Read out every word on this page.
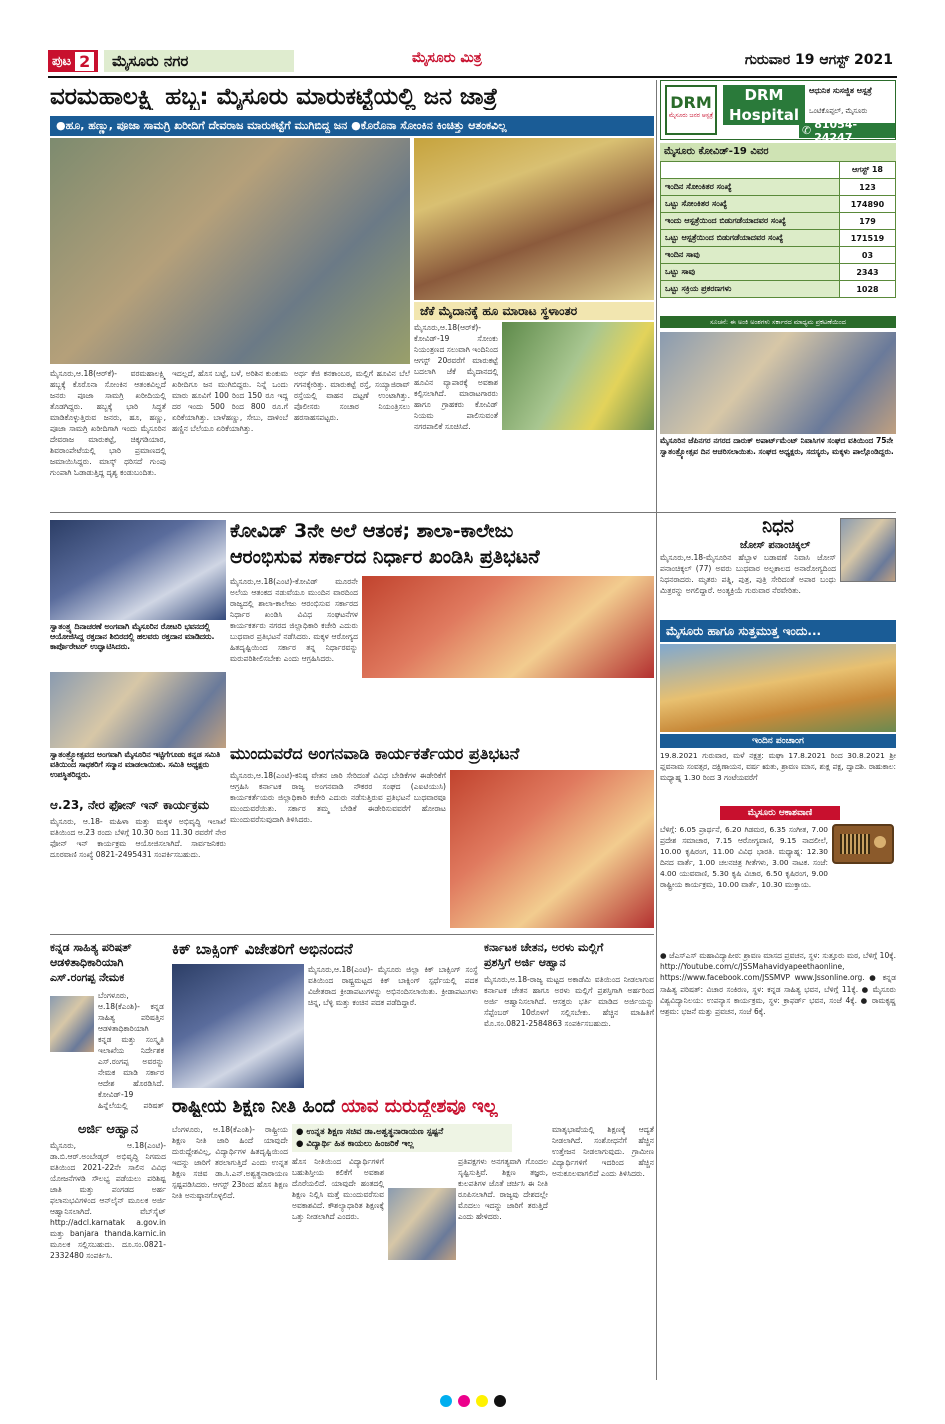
ಪುಟ 2	ಮೈಸೂರು ನಗರ	ಮೈಸೂರು ಮಿತ್ರ	ಗುರುವಾರ 19 ಆಗಸ್ಟ್ 2021
ವರಮಹಾಲಕ್ಷ್ಮಿ ಹಬ್ಬ: ಮೈಸೂರು ಮಾರುಕಟ್ಟೆಯಲ್ಲಿ ಜನ ಜಾತ್ರೆ
●ಹೂ, ಹಣ್ಣು, ಪೂಜಾ ಸಾಮಗ್ರಿ ಖರೀದಿಗೆ ದೇವರಾಜ ಮಾರುಕಟ್ಟೆಗೆ ಮುಗಿಬಿದ್ದ ಜನ ●ಕೊರೊನಾ ಸೋಂಕಿನ ಕಿಂಚಿತ್ತು ಆತಂಕವಿಲ್ಲ
ಜೆಕೆ ಮೈದಾನಕ್ಕೆ ಹೂ ಮಾರಾಟ ಸ್ಥಳಾಂತರ
ಮೈಸೂರು,ಆ.18(ಆರ್‌ಕೆ)- ಕೋವಿಡ್-19 ಸೋಂಕು ನಿಯಂತ್ರಣದ ಸಲುವಾಗಿ ಇಂದಿನಿಂದ ಆಗಸ್ಟ್ 20ರವರೆಗೆ ಮಾರುಕಟ್ಟೆ ಬದಲಾಗಿ ಜೆಕೆ ಮೈದಾನದಲ್ಲಿ ಹೂವಿನ ವ್ಯಾಪಾರಕ್ಕೆ ಅವಕಾಶ ಕಲ್ಪಿಸಲಾಗಿದೆ. ಮಾರಾಟಗಾರರು ಹಾಗೂ ಗ್ರಾಹಕರು ಕೋವಿಡ್ ನಿಯಮ ಪಾಲಿಸುವಂತೆ ನಗರಪಾಲಿಕೆ ಸೂಚಿಸಿದೆ.
ಮೈಸೂರು,ಆ.18(ಆರ್‌ಕೆ)- ವರಮಹಾಲಕ್ಷ್ಮಿ ಹಬ್ಬಕ್ಕೆ ಕೊರೊನಾ ಸೋಂಕಿನ ಆತಂಕವಿಲ್ಲದೆ ಜನರು ಪೂಜಾ ಸಾಮಗ್ರಿ ಖರೀದಿಯಲ್ಲಿ ತೊಡಗಿದ್ದರು. ಹಬ್ಬಕ್ಕೆ ಭಾರಿ ಸಿದ್ಧತೆ ಮಾಡಿಕೊಳ್ಳುತ್ತಿರುವ ಜನರು, ಹೂ, ಹಣ್ಣು, ಪೂಜಾ ಸಾಮಗ್ರಿ ಖರೀದಿಗಾಗಿ ಇಂದು ಮೈಸೂರಿನ ದೇವರಾಜ ಮಾರುಕಟ್ಟೆ, ಚಿಕ್ಕಗಡಿಯಾರ, ಶಿವರಾಂಪೇಟೆಯಲ್ಲಿ ಭಾರಿ ಪ್ರಮಾಣದಲ್ಲಿ ಜಮಾಯಿಸಿದ್ದರು. ಮಾಸ್ಕ್ ಧರಿಸದೆ ಗುಂಪು ಗುಂಪಾಗಿ ಓಡಾಡುತ್ತಿದ್ದ ದೃಶ್ಯ ಕಂಡುಬಂದಿತು.
ಇದಲ್ಲದೆ, ಹೊಸ ಬಟ್ಟೆ, ಬಳೆ, ಅರಿಶಿನ ಕುಂಕುಮ ಖರೀದಿಗೂ ಜನ ಮುಗಿಬಿದ್ದರು. ನಿನ್ನೆ ಒಂದು ಮಾರು ಹೂವಿಗೆ 100 ರಿಂದ 150 ರೂ ಇದ್ದ ದರ ಇಂದು 500 ರಿಂದ 800 ರೂ.ಗೆ ಏರಿಕೆಯಾಗಿತ್ತು. ಬಾಳೆಹಣ್ಣು, ಸೇಬು, ದಾಳಿಂಬೆ ಹಣ್ಣಿನ ಬೆಲೆಯೂ ಏರಿಕೆಯಾಗಿತ್ತು.
ಅರ್ಧ ಕೆಜಿ ಕನಕಾಂಬರ, ಮಲ್ಲಿಗೆ ಹೂವಿನ ಬೆಲೆ ಗಗನಕ್ಕೇರಿತ್ತು. ಮಾರುಕಟ್ಟೆ ರಸ್ತೆ, ಸಯ್ಯಾಜಿರಾವ್ ರಸ್ತೆಯಲ್ಲಿ ವಾಹನ ದಟ್ಟಣೆ ಉಂಟಾಗಿತ್ತು. ಪೊಲೀಸರು ಸಂಚಾರ ನಿಯಂತ್ರಿಸಲು ಹರಸಾಹಸಪಟ್ಟರು.
DRM
ಮೈಸೂರು ಜನರ ಆಸ್ಪತ್ರೆ
DRM Hospital
ಆಧುನಿಕ ಸುಸಜ್ಜಿತ ಆಸ್ಪತ್ರೆ
ಒಂಟಿಕೊಪ್ಪಲ್, ಮೈಸೂರು
✆ 81054-24247
ಮೈಸೂರು ಕೋವಿಡ್-19 ವಿವರ
	ಆಗಸ್ಟ್ 18
ಇಂದಿನ ಸೋಂಕಿತರ ಸಂಖ್ಯೆ	123
ಒಟ್ಟು ಸೋಂಕಿತರ ಸಂಖ್ಯೆ	174890
ಇಂದು ಆಸ್ಪತ್ರೆಯಿಂದ ಬಿಡುಗಡೆಯಾದವರ ಸಂಖ್ಯೆ	179
ಒಟ್ಟು ಆಸ್ಪತ್ರೆಯಿಂದ ಬಿಡುಗಡೆಯಾದವರ ಸಂಖ್ಯೆ	171519
ಇಂದಿನ ಸಾವು	03
ಒಟ್ಟು ಸಾವು	2343
ಒಟ್ಟು ಸಕ್ರಿಯ ಪ್ರಕರಣಗಳು	1028
ಸೂಚನೆ: ಈ ಅಂಕಿ ಅಂಶಗಳು ಸರ್ಕಾರದ ಮಾಧ್ಯಮ ಪ್ರಕಟಣೆಯಿಂದ
ಮೈಸೂರಿನ ಜೆಪಿನಗರ ನಗರದ ದಾರುಕ್ ಅಪಾರ್ಟ್‌ಮೆಂಟ್ ನಿವಾಸಿಗಳ ಸಂಘದ ವತಿಯಿಂದ 75ನೇ ಸ್ವಾತಂತ್ರ್ಯೋತ್ಸವ ದಿನ ಆಚರಿಸಲಾಯಿತು. ಸಂಘದ ಅಧ್ಯಕ್ಷರು, ಸದಸ್ಯರು, ಮಕ್ಕಳು ಪಾಲ್ಗೊಂಡಿದ್ದರು.
ನಿಧನ
ಜೋಸ್ ಪನಾಂಚಿಕ್ಕಲ್
ಮೈಸೂರು,ಆ.18-ಮೈಸೂರಿನ ಹೆಬ್ಬಾಳ ಬಡಾವಣೆ ನಿವಾಸಿ ಜೋಸ್ ಪನಾಂಚಿಕ್ಕಲ್ (77) ಅವರು ಬುಧವಾರ ಅಲ್ಪಕಾಲದ ಅನಾರೋಗ್ಯದಿಂದ ನಿಧನರಾದರು. ಮೃತರು ಪತ್ನಿ, ಪುತ್ರ, ಪುತ್ರಿ ಸೇರಿದಂತೆ ಅಪಾರ ಬಂಧು ಮಿತ್ರರನ್ನು ಅಗಲಿದ್ದಾರೆ. ಅಂತ್ಯಕ್ರಿಯೆ ಗುರುವಾರ ನೆರವೇರಿತು.
ಮೈಸೂರು ಹಾಗೂ ಸುತ್ತಮುತ್ತ ಇಂದು...
ಇಂದಿನ ಪಂಚಾಂಗ
19.8.2021 ಗುರುವಾರ, ಮಳೆ ನಕ್ಷತ್ರ: ಮಘಾ 17.8.2021 ರಿಂದ 30.8.2021 ಶ್ರೀ ಪ್ಲವನಾಮ ಸಂವತ್ಸರ, ದಕ್ಷಿಣಾಯನ, ವರ್ಷ ಋತು, ಶ್ರಾವಣ ಮಾಸ, ಶುಕ್ಲ ಪಕ್ಷ, ದ್ವಾದಶಿ. ರಾಹುಕಾಲ: ಮಧ್ಯಾಹ್ನ 1.30 ರಿಂದ 3 ಗಂಟೆಯವರೆಗೆ
ಮೈಸೂರು ಆಕಾಶವಾಣಿ
ಬೆಳಿಗ್ಗೆ: 6.05 ಪ್ರಾರ್ಥನೆ, 6.20 ಗಿಡಮರ, 6.35 ಸಂಗೀತ, 7.00 ಪ್ರದೇಶ ಸಮಾಚಾರ, 7.15 ಆರೋಗ್ಯವಾಣಿ, 9.15 ನಾದಲೀಲೆ, 10.00 ಕೃಷಿರಂಗ, 11.00 ವಿವಿಧ ಭಾರತಿ. ಮಧ್ಯಾಹ್ನ: 12.30 ದಿನದ ವಾರ್ತೆ, 1.00 ಚಲನಚಿತ್ರ ಗೀತೆಗಳು, 3.00 ನಾಟಕ. ಸಂಜೆ: 4.00 ಯುವವಾಣಿ, 5.30 ಕೃಷಿ ವಿಚಾರ, 6.50 ಕೃಷಿರಂಗ, 9.00 ರಾಷ್ಟ್ರೀಯ ಕಾರ್ಯಕ್ರಮ, 10.00 ವಾರ್ತೆ, 10.30 ಮುಕ್ತಾಯ.
● ಜೆಎಸ್‌ಎಸ್ ಮಹಾವಿದ್ಯಾಪೀಠ: ಶ್ರಾವಣ ಮಾಸದ ಪ್ರವಚನ, ಸ್ಥಳ: ಸುತ್ತೂರು ಮಠ, ಬೆಳಿಗ್ಗೆ 10ಕ್ಕೆ. http://Youtube.com/c/JSSMahavidyapeethaonline, https://www.facebook.com/JSSMVP www.Jssonline.org. ● ಕನ್ನಡ ಸಾಹಿತ್ಯ ಪರಿಷತ್: ವಿಚಾರ ಸಂಕಿರಣ, ಸ್ಥಳ: ಕನ್ನಡ ಸಾಹಿತ್ಯ ಭವನ, ಬೆಳಿಗ್ಗೆ 11ಕ್ಕೆ. ● ಮೈಸೂರು ವಿಶ್ವವಿದ್ಯಾನಿಲಯ: ಉಪನ್ಯಾಸ ಕಾರ್ಯಕ್ರಮ, ಸ್ಥಳ: ಕ್ರಾಫರ್ಡ್ ಭವನ, ಸಂಜೆ 4ಕ್ಕೆ. ● ರಾಮಕೃಷ್ಣ ಆಶ್ರಮ: ಭಜನೆ ಮತ್ತು ಪ್ರವಚನ, ಸಂಜೆ 6ಕ್ಕೆ.
ಕೋವಿಡ್ 3ನೇ ಅಲೆ ಆತಂಕ; ಶಾಲಾ-ಕಾಲೇಜು
ಆರಂಭಿಸುವ ಸರ್ಕಾರದ ನಿರ್ಧಾರ ಖಂಡಿಸಿ ಪ್ರತಿಭಟನೆ
ಮೈಸೂರು,ಆ.18(ಎಂಟಿ)-ಕೋವಿಡ್ ಮೂರನೇ ಅಲೆಯ ಆತಂಕದ ನಡುವೆಯೂ ಮುಂದಿನ ವಾರದಿಂದ ರಾಜ್ಯದಲ್ಲಿ ಶಾಲಾ-ಕಾಲೇಜು ಆರಂಭಿಸುವ ಸರ್ಕಾರದ ನಿರ್ಧಾರ ಖಂಡಿಸಿ ವಿವಿಧ ಸಂಘಟನೆಗಳ ಕಾರ್ಯಕರ್ತರು ನಗರದ ಜಿಲ್ಲಾಧಿಕಾರಿ ಕಚೇರಿ ಎದುರು ಬುಧವಾರ ಪ್ರತಿಭಟನೆ ನಡೆಸಿದರು. ಮಕ್ಕಳ ಆರೋಗ್ಯದ ಹಿತದೃಷ್ಟಿಯಿಂದ ಸರ್ಕಾರ ತನ್ನ ನಿರ್ಧಾರವನ್ನು ಮರುಪರಿಶೀಲಿಸಬೇಕು ಎಂದು ಆಗ್ರಹಿಸಿದರು.
ಸ್ವಾತಂತ್ರ್ಯ ದಿನಾಚರಣೆ ಅಂಗವಾಗಿ ಮೈಸೂರಿನ ರೋಟರಿ ಭವನದಲ್ಲಿ ಆಯೋಜಿಸಿದ್ದ ರಕ್ತದಾನ ಶಿಬಿರದಲ್ಲಿ ಹಲವರು ರಕ್ತದಾನ ಮಾಡಿದರು. ಕಾರ್ಪೊರೇಟರ್ ಉದ್ಘಾಟಿಸಿದರು.
ಸ್ವಾತಂತ್ರ್ಯೋತ್ಸವದ ಅಂಗವಾಗಿ ಮೈಸೂರಿನ ಇಟ್ಟಿಗೆಗೂಡು ಕನ್ನಡ ಸಮಿತಿ ವತಿಯಿಂದ ಸಾಧಕರಿಗೆ ಸನ್ಮಾನ ಮಾಡಲಾಯಿತು. ಸಮಿತಿ ಅಧ್ಯಕ್ಷರು ಉಪಸ್ಥಿತರಿದ್ದರು.
ಆ.23, ನೇರ ಫೋನ್ ಇನ್ ಕಾರ್ಯಕ್ರಮ
ಮೈಸೂರು, ಆ.18- ಮಹಿಳಾ ಮತ್ತು ಮಕ್ಕಳ ಅಭಿವೃದ್ಧಿ ಇಲಾಖೆ ವತಿಯಿಂದ ಆ.23 ರಂದು ಬೆಳಿಗ್ಗೆ 10.30 ರಿಂದ 11.30 ರವರೆಗೆ ನೇರ ಫೋನ್ ಇನ್ ಕಾರ್ಯಕ್ರಮ ಆಯೋಜಿಸಲಾಗಿದೆ. ಸಾರ್ವಜನಿಕರು ದೂರವಾಣಿ ಸಂಖ್ಯೆ 0821-2495431 ಸಂಪರ್ಕಿಸಬಹುದು.
ಮುಂದುವರೆದ ಅಂಗನವಾಡಿ ಕಾರ್ಯಕರ್ತೆಯರ ಪ್ರತಿಭಟನೆ
ಮೈಸೂರು,ಆ.18(ಎಂಟಿ)-ಕನಿಷ್ಠ ವೇತನ ಜಾರಿ ಸೇರಿದಂತೆ ವಿವಿಧ ಬೇಡಿಕೆಗಳ ಈಡೇರಿಕೆಗೆ ಆಗ್ರಹಿಸಿ ಕರ್ನಾಟಕ ರಾಜ್ಯ ಅಂಗನವಾಡಿ ನೌಕರರ ಸಂಘದ (ಎಐಟಿಯುಸಿ) ಕಾರ್ಯಕರ್ತೆಯರು ಜಿಲ್ಲಾಧಿಕಾರಿ ಕಚೇರಿ ಎದುರು ನಡೆಸುತ್ತಿರುವ ಪ್ರತಿಭಟನೆ ಬುಧವಾರವೂ ಮುಂದುವರೆಯಿತು. ಸರ್ಕಾರ ತಮ್ಮ ಬೇಡಿಕೆ ಈಡೇರಿಸುವವರೆಗೆ ಹೋರಾಟ ಮುಂದುವರೆಸುವುದಾಗಿ ತಿಳಿಸಿದರು.
ಕನ್ನಡ ಸಾಹಿತ್ಯ ಪರಿಷತ್
ಆಡಳಿತಾಧಿಕಾರಿಯಾಗಿ
ಎಸ್.ರಂಗಪ್ಪ ನೇಮಕ
ಬೆಂಗಳೂರು, ಆ.18(ಕೆಎಂಶಿ)- ಕನ್ನಡ ಸಾಹಿತ್ಯ ಪರಿಷತ್ತಿನ ಆಡಳಿತಾಧಿಕಾರಿಯಾಗಿ ಕನ್ನಡ ಮತ್ತು ಸಂಸ್ಕೃತಿ ಇಲಾಖೆಯ ನಿರ್ದೇಶಕ ಎಸ್.ರಂಗಪ್ಪ ಅವರನ್ನು ನೇಮಕ ಮಾಡಿ ಸರ್ಕಾರ ಆದೇಶ ಹೊರಡಿಸಿದೆ. ಕೋವಿಡ್-19 ಹಿನ್ನೆಲೆಯಲ್ಲಿ ಪರಿಷತ್
ಕಿಕ್ ಬಾಕ್ಸಿಂಗ್ ವಿಜೇತರಿಗೆ ಅಭಿನಂದನೆ
ಮೈಸೂರು,ಆ.18(ಎಂಟಿ)- ಮೈಸೂರು ಜಿಲ್ಲಾ ಕಿಕ್ ಬಾಕ್ಸಿಂಗ್ ಸಂಸ್ಥೆ ವತಿಯಿಂದ ರಾಷ್ಟ್ರಮಟ್ಟದ ಕಿಕ್ ಬಾಕ್ಸಿಂಗ್ ಸ್ಪರ್ಧೆಯಲ್ಲಿ ಪದಕ ವಿಜೇತರಾದ ಕ್ರೀಡಾಪಟುಗಳನ್ನು ಅಭಿನಂದಿಸಲಾಯಿತು. ಕ್ರೀಡಾಪಟುಗಳು ಚಿನ್ನ, ಬೆಳ್ಳಿ ಮತ್ತು ಕಂಚಿನ ಪದಕ ಪಡೆದಿದ್ದಾರೆ.
ಕರ್ನಾಟಕ ಚೇತನ, ಅರಳು ಮಲ್ಲಿಗೆ
ಪ್ರಶಸ್ತಿಗೆ ಅರ್ಜಿ ಆಹ್ವಾನ
ಮೈಸೂರು,ಆ.18-ರಾಜ್ಯ ಮಟ್ಟದ ಅಕಾಡೆಮಿ ವತಿಯಿಂದ ನೀಡಲಾಗುವ ಕರ್ನಾಟಕ ಚೇತನ ಹಾಗೂ ಅರಳು ಮಲ್ಲಿಗೆ ಪ್ರಶಸ್ತಿಗಾಗಿ ಅರ್ಹರಿಂದ ಅರ್ಜಿ ಆಹ್ವಾನಿಸಲಾಗಿದೆ. ಆಸಕ್ತರು ಭರ್ತಿ ಮಾಡಿದ ಅರ್ಜಿಯನ್ನು ಸೆಪ್ಟೆಂಬರ್ 10ರೊಳಗೆ ಸಲ್ಲಿಸಬೇಕು. ಹೆಚ್ಚಿನ ಮಾಹಿತಿಗೆ ಮೊ.ಸಂ.0821-2584863 ಸಂಪರ್ಕಿಸಬಹುದು.
ಅರ್ಜಿ ಆಹ್ವಾನ
ಮೈಸೂರು, ಆ.18(ಎಂಟಿ)- ಡಾ.ಬಿ.ಆರ್.ಅಂಬೇಡ್ಕರ್ ಅಭಿವೃದ್ಧಿ ನಿಗಮದ ವತಿಯಿಂದ 2021-22ನೇ ಸಾಲಿನ ವಿವಿಧ ಯೋಜನೆಗಳಡಿ ಸೌಲಭ್ಯ ಪಡೆಯಲು ಪರಿಶಿಷ್ಟ ಜಾತಿ ಮತ್ತು ಪಂಗಡದ ಅರ್ಹ ಫಲಾನುಭವಿಗಳಿಂದ ಆನ್‌ಲೈನ್ ಮೂಲಕ ಅರ್ಜಿ ಆಹ್ವಾನಿಸಲಾಗಿದೆ. ವೆಬ್‌ಸೈಟ್ http://adcl.karnatak a.gov.in ಮತ್ತು banjara thanda.karnic.in ಮೂಲಕ ಸಲ್ಲಿಸಬಹುದು. ದೂ.ಸಂ.0821-2332480 ಸಂಪರ್ಕಿಸಿ.
ರಾಷ್ಟ್ರೀಯ ಶಿಕ್ಷಣ ನೀತಿ ಹಿಂದೆ ಯಾವ ದುರುದ್ದೇಶವೂ ಇಲ್ಲ
ಬೆಂಗಳೂರು, ಆ.18(ಕೆಎಂಶಿ)- ರಾಷ್ಟ್ರೀಯ ಶಿಕ್ಷಣ ನೀತಿ ಜಾರಿ ಹಿಂದೆ ಯಾವುದೇ ದುರುದ್ದೇಶವಿಲ್ಲ, ವಿದ್ಯಾರ್ಥಿಗಳ ಹಿತದೃಷ್ಟಿಯಿಂದ ಇದನ್ನು ಜಾರಿಗೆ ತರಲಾಗುತ್ತಿದೆ ಎಂದು ಉನ್ನತ ಶಿಕ್ಷಣ ಸಚಿವ ಡಾ.ಸಿ.ಎನ್.ಅಶ್ವತ್ಥನಾರಾಯಣ ಸ್ಪಷ್ಟಪಡಿಸಿದರು. ಆಗಸ್ಟ್ 23ರಿಂದ ಹೊಸ ಶಿಕ್ಷಣ ನೀತಿ ಅನುಷ್ಠಾನಗೊಳ್ಳಲಿದೆ.
● ಉನ್ನತ ಶಿಕ್ಷಣ ಸಚಿವ ಡಾ.ಅಶ್ವತ್ಥನಾರಾಯಣ ಸ್ಪಷ್ಟನೆ
● ವಿದ್ಯಾರ್ಥಿ ಹಿತ ಕಾಯಲು ಹಿಂಜರಿಕೆ ಇಲ್ಲ
ಹೊಸ ನೀತಿಯಿಂದ ವಿದ್ಯಾರ್ಥಿಗಳಿಗೆ ಬಹುಶಿಸ್ತೀಯ ಕಲಿಕೆಗೆ ಅವಕಾಶ ದೊರೆಯಲಿದೆ. ಯಾವುದೇ ಹಂತದಲ್ಲಿ ಶಿಕ್ಷಣ ನಿಲ್ಲಿಸಿ ಮತ್ತೆ ಮುಂದುವರೆಸುವ ಅವಕಾಶವಿದೆ. ಕೌಶಲ್ಯಾಧಾರಿತ ಶಿಕ್ಷಣಕ್ಕೆ ಒತ್ತು ನೀಡಲಾಗಿದೆ ಎಂದರು.
ಪ್ರತಿಪಕ್ಷಗಳು ಅನಗತ್ಯವಾಗಿ ಗೊಂದಲ ಸೃಷ್ಟಿಸುತ್ತಿವೆ. ಶಿಕ್ಷಣ ತಜ್ಞರು, ಕುಲಪತಿಗಳ ಜೊತೆ ಚರ್ಚಿಸಿ ಈ ನೀತಿ ರೂಪಿಸಲಾಗಿದೆ. ರಾಜ್ಯವು ದೇಶದಲ್ಲೇ ಮೊದಲು ಇದನ್ನು ಜಾರಿಗೆ ತರುತ್ತಿದೆ ಎಂದು ಹೇಳಿದರು.
ಮಾತೃಭಾಷೆಯಲ್ಲಿ ಶಿಕ್ಷಣಕ್ಕೆ ಆದ್ಯತೆ ನೀಡಲಾಗಿದೆ. ಸಂಶೋಧನೆಗೆ ಹೆಚ್ಚಿನ ಉತ್ತೇಜನ ನೀಡಲಾಗುವುದು. ಗ್ರಾಮೀಣ ವಿದ್ಯಾರ್ಥಿಗಳಿಗೆ ಇದರಿಂದ ಹೆಚ್ಚಿನ ಅನುಕೂಲವಾಗಲಿದೆ ಎಂದು ತಿಳಿಸಿದರು.
